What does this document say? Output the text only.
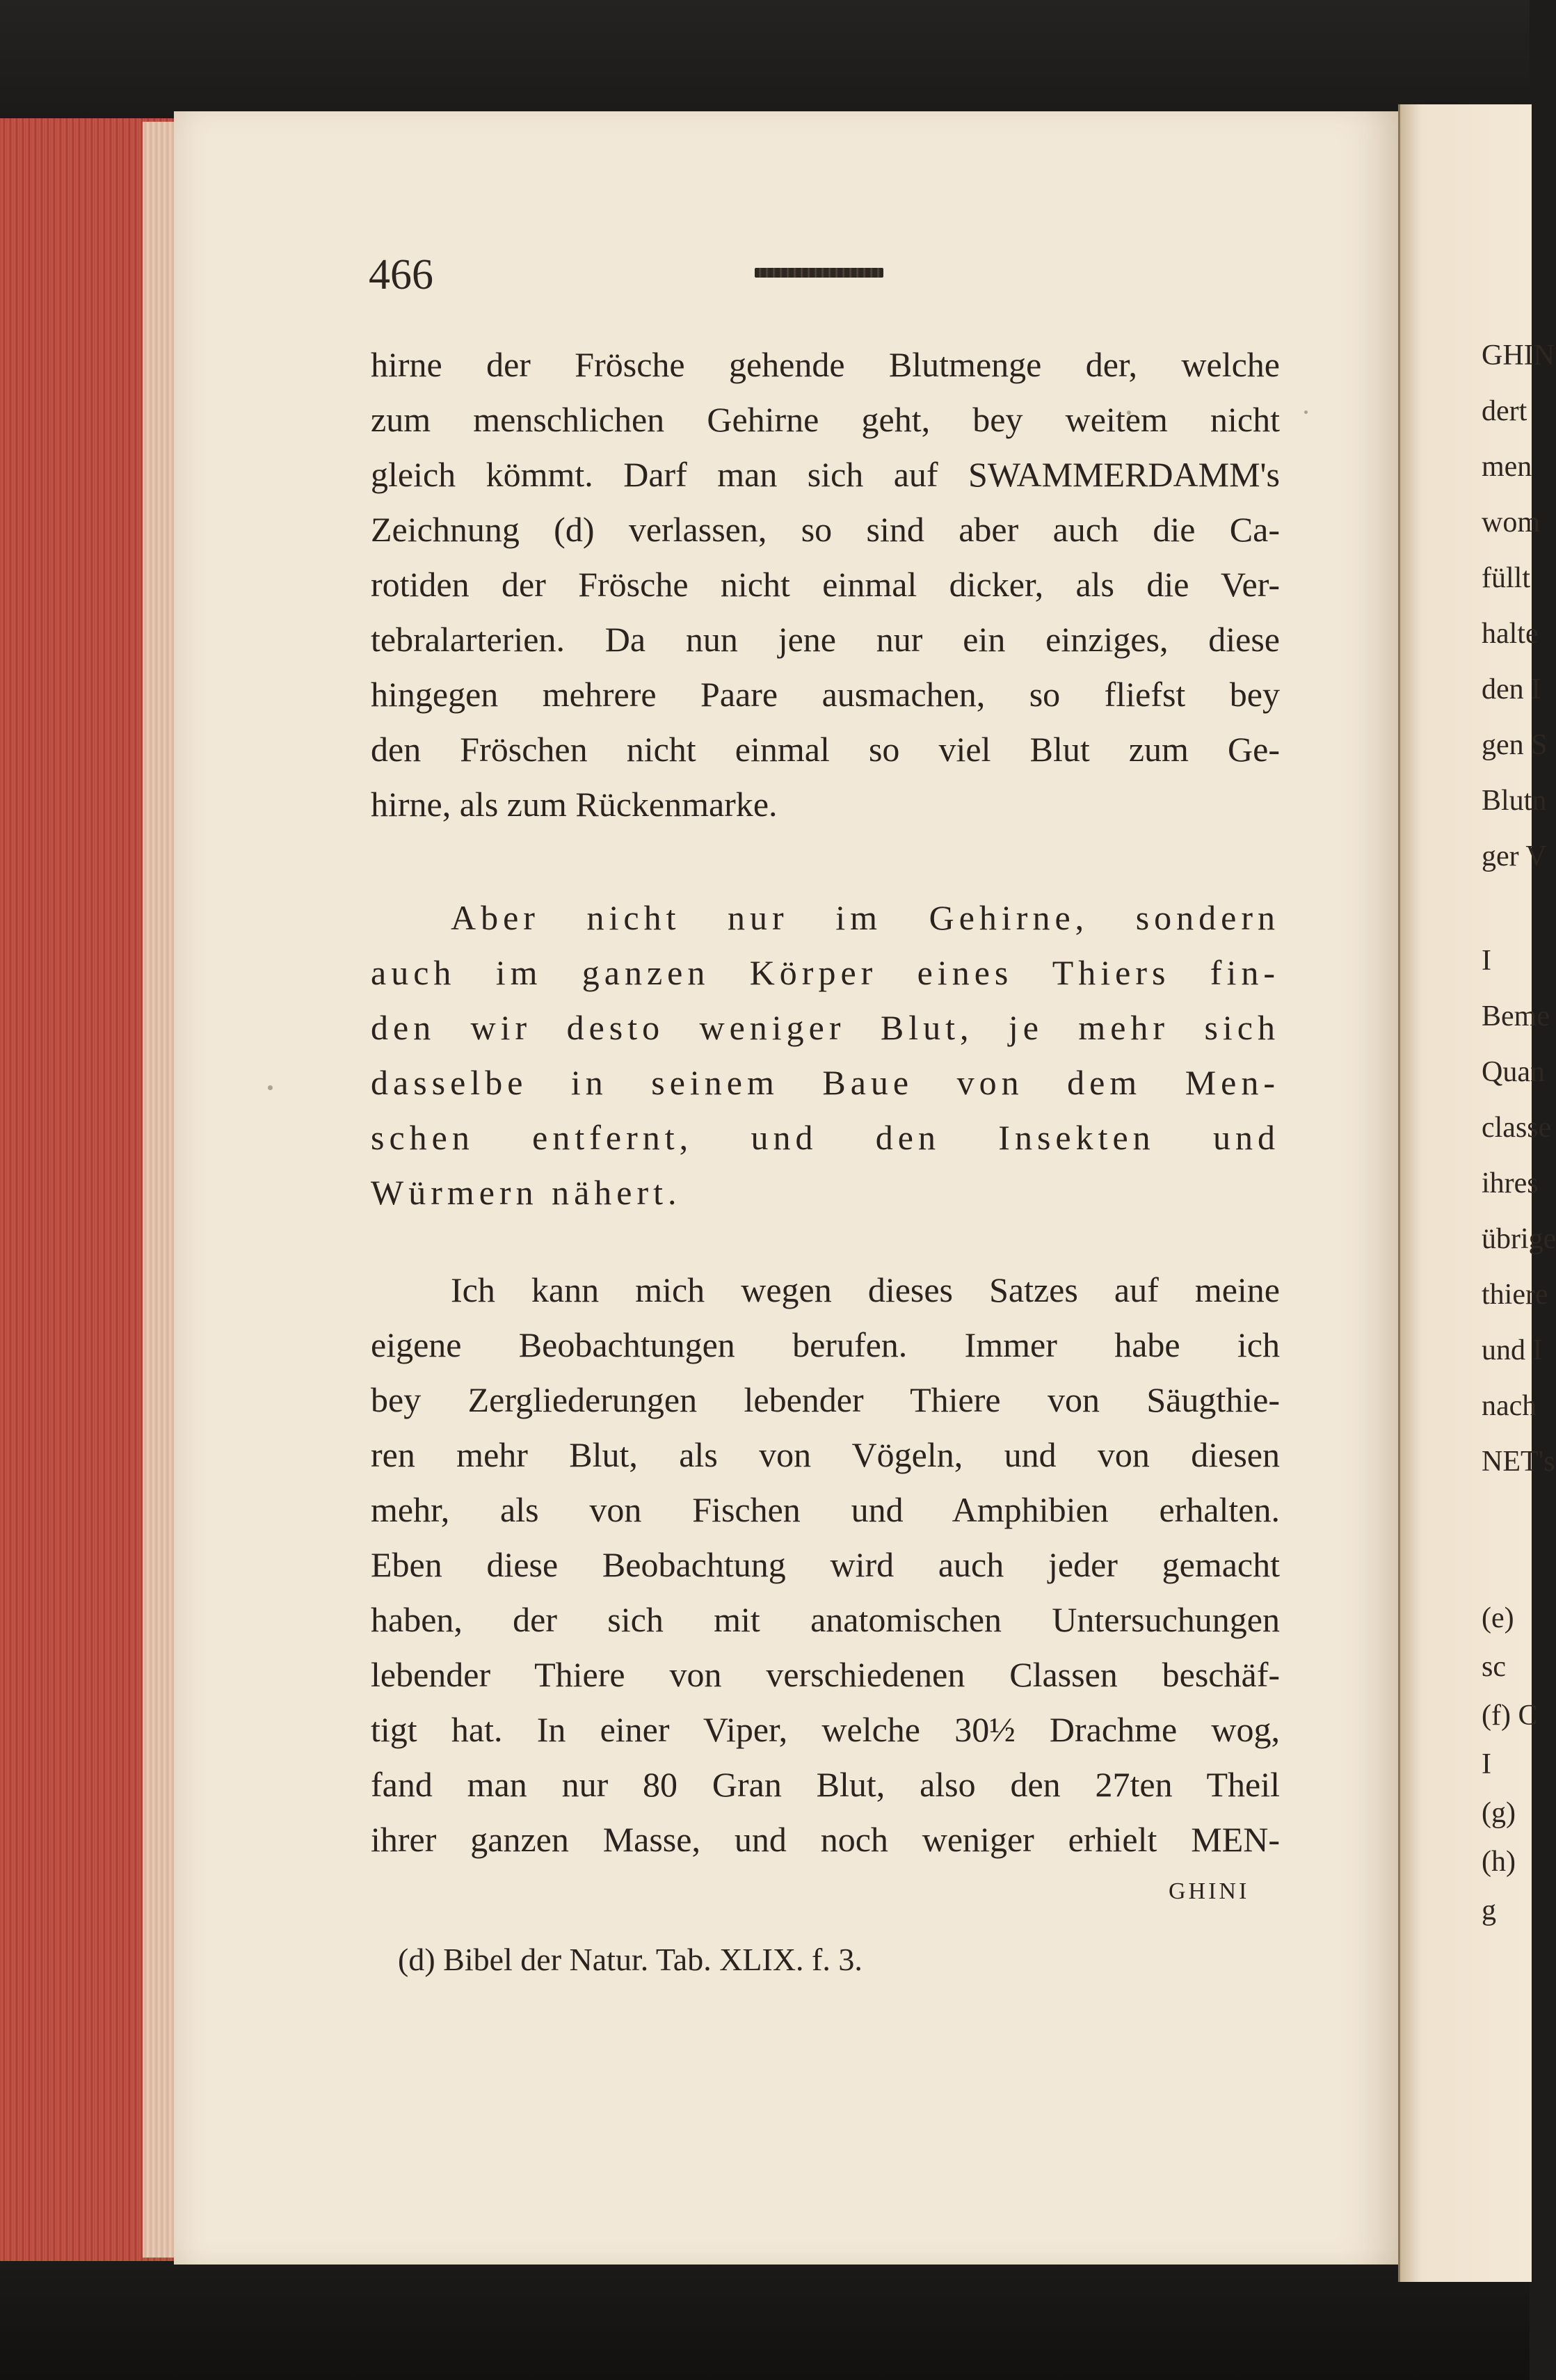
GHIN
dert
men
wom
füllt
halte
den I
gen S
Blutn
ger V
I
Beme
Quan
classe
ihres
übrige
thiere
und I
nach
NET's
(e)
sc
(f) C
I
(g)
(h)
g
466
hirne der Frösche gehende Blutmenge der, welche
zum menschlichen Gehirne geht, bey weitem nicht
gleich kömmt. Darf man sich auf SWAMMERDAMM's
Zeichnung (d) verlassen, so sind aber auch die Ca-
rotiden der Frösche nicht einmal dicker, als die Ver-
tebralarterien. Da nun jene nur ein einziges, diese
hingegen mehrere Paare ausmachen, so fliefst bey
den Fröschen nicht einmal so viel Blut zum Ge-
hirne, als zum Rückenmarke.
Aber nicht nur im Gehirne, sondern
auch im ganzen Körper eines Thiers fin-
den wir desto weniger Blut, je mehr sich
dasselbe in seinem Baue von dem Men-
schen entfernt, und den Insekten und
Würmern nähert.
Ich kann mich wegen dieses Satzes auf meine
eigene Beobachtungen berufen. Immer habe ich
bey Zergliederungen lebender Thiere von Säugthie-
ren mehr Blut, als von Vögeln, und von diesen
mehr, als von Fischen und Amphibien erhalten.
Eben diese Beobachtung wird auch jeder gemacht
haben, der sich mit anatomischen Untersuchungen
lebender Thiere von verschiedenen Classen beschäf-
tigt hat. In einer Viper, welche 30½ Drachme wog,
fand man nur 80 Gran Blut, also den 27ten Theil
ihrer ganzen Masse, und noch weniger erhielt MEN-
GHINI
(d) Bibel der Natur. Tab. XLIX. f. 3.
